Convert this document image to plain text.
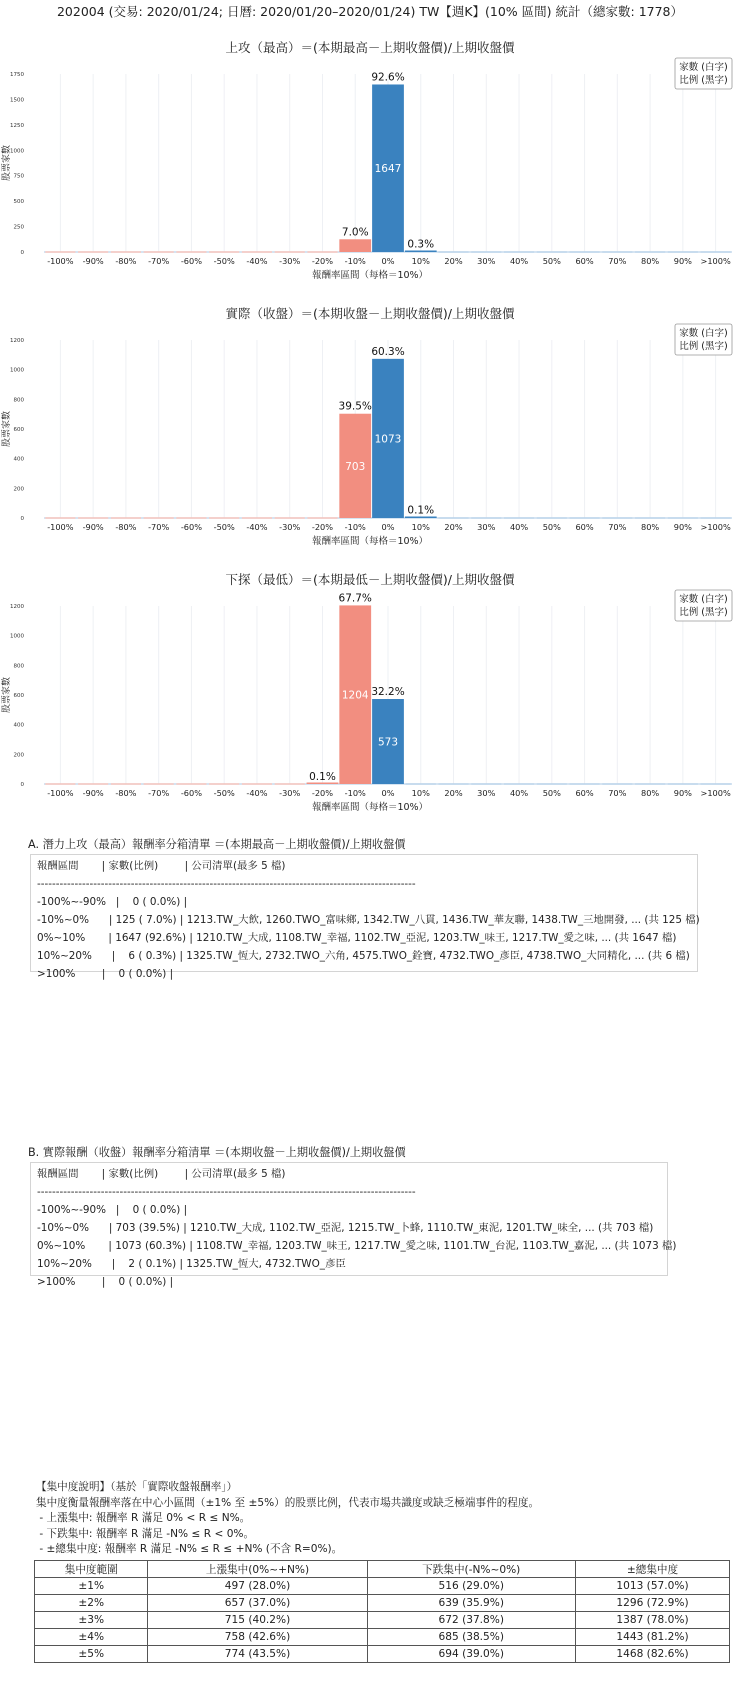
202004 (交易: 2020/01/24; 日曆: 2020/01/20–2020/01/24) TW【週K】(10% 區間) 統計（總家數: 1778）
上攻（最高）＝(本期最高－上期收盤價)/上期收盤價
0
250
500
750
1000
1250
1500
1750
股票家數
-100% -90% -80% -70% -60% -50% -40% -30% -20%
7.0%
-10%
1647
92.6%
0%
0.3%
10% 20% 30% 40% 50% 60% 70% 80% 90% >100%
報酬率區間（每格＝10%）
家數 (白字)
比例 (黑字)
實際（收盤）＝(本期收盤－上期收盤價)/上期收盤價
0
200
400
600
800
1000
1200
股票家數
-100% -90% -80% -70% -60% -50% -40% -30% -20%
703
39.5%
-10%
1073
60.3%
0%
0.1%
10% 20% 30% 40% 50% 60% 70% 80% 90% >100%
報酬率區間（每格＝10%）
家數 (白字)
比例 (黑字)
下探（最低）＝(本期最低－上期收盤價)/上期收盤價
0
200
400
600
800
1000
1200
股票家數
-100% -90% -80% -70% -60% -50% -40% -30%
0.1%
-20%
1204
67.7%
-10%
573
32.2%
0% 10% 20% 30% 40% 50% 60% 70% 80% 90% >100%
報酬率區間（每格＝10%）
家數 (白字)
比例 (黑字)
A. 潛力上攻（最高）報酬率分箱清單 ＝(本期最高－上期收盤價)/上期收盤價
報酬區間       | 家數(比例)        | 公司清單(最多 5 檔)
-----------------------------------------------------------------------------------------------------
-100%~-90%   |    0 ( 0.0%) |
-10%~0%      | 125 ( 7.0%) | 1213.TW_大飲, 1260.TWO_富味鄉, 1342.TW_八貫, 1436.TW_華友聯, 1438.TW_三地開發, ... (共 125 檔)
0%~10%       | 1647 (92.6%) | 1210.TW_大成, 1108.TW_幸福, 1102.TW_亞泥, 1203.TW_味王, 1217.TW_愛之味, ... (共 1647 檔)
10%~20%      |    6 ( 0.3%) | 1325.TW_恆大, 2732.TWO_六角, 4575.TWO_銓寶, 4732.TWO_彥臣, 4738.TWO_大同精化, ... (共 6 檔)
>100%        |    0 ( 0.0%) |
B. 實際報酬（收盤）報酬率分箱清單 ＝(本期收盤－上期收盤價)/上期收盤價
報酬區間       | 家數(比例)        | 公司清單(最多 5 檔)
-----------------------------------------------------------------------------------------------------
-100%~-90%   |    0 ( 0.0%) |
-10%~0%      | 703 (39.5%) | 1210.TW_大成, 1102.TW_亞泥, 1215.TW_卜蜂, 1110.TW_東泥, 1201.TW_味全, ... (共 703 檔)
0%~10%       | 1073 (60.3%) | 1108.TW_幸福, 1203.TW_味王, 1217.TW_愛之味, 1101.TW_台泥, 1103.TW_嘉泥, ... (共 1073 檔)
10%~20%      |    2 ( 0.1%) | 1325.TW_恆大, 4732.TWO_彥臣
>100%        |    0 ( 0.0%) |
【集中度說明】（基於「實際收盤報酬率」）
集中度衡量報酬率落在中心小區間（±1% 至 ±5%）的股票比例，代表市場共識度或缺乏極端事件的程度。
- 上漲集中: 報酬率 R 滿足 0% < R ≤ N%。
- 下跌集中: 報酬率 R 滿足 -N% ≤ R < 0%。
- ±總集中度: 報酬率 R 滿足 -N% ≤ R ≤ +N% (不含 R=0%)。
集中度範圍	上漲集中(0%~+N%)	下跌集中(-N%~0%)	±總集中度
±1%	497 (28.0%)	516 (29.0%)	1013 (57.0%)
±2%	657 (37.0%)	639 (35.9%)	1296 (72.9%)
±3%	715 (40.2%)	672 (37.8%)	1387 (78.0%)
±4%	758 (42.6%)	685 (38.5%)	1443 (81.2%)
±5%	774 (43.5%)	694 (39.0%)	1468 (82.6%)
